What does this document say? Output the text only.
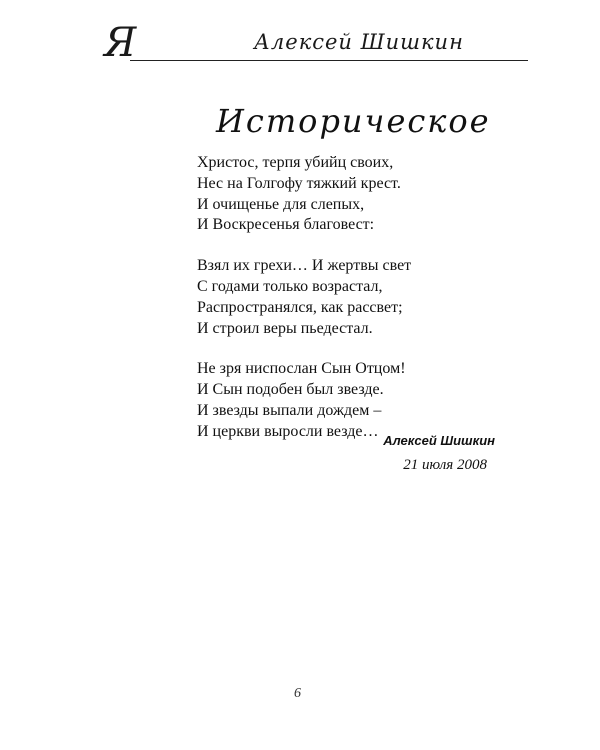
Я	Алексей Шишкин
Историческое
Христос, терпя убийц своих,
Нес на Голгофу тяжкий крест.
И очищенье для слепых,
И Воскресенья благовест:
Взял их грехи… И жертвы свет
С годами только возрастал,
Распространялся, как рассвет;
И строил веры пьедестал.
Не зря ниспослан Сын Отцом!
И Сын подобен был звезде.
И звезды выпали дождем –
И церкви выросли везде…
Алексей Шишкин
21 июля 2008
6
